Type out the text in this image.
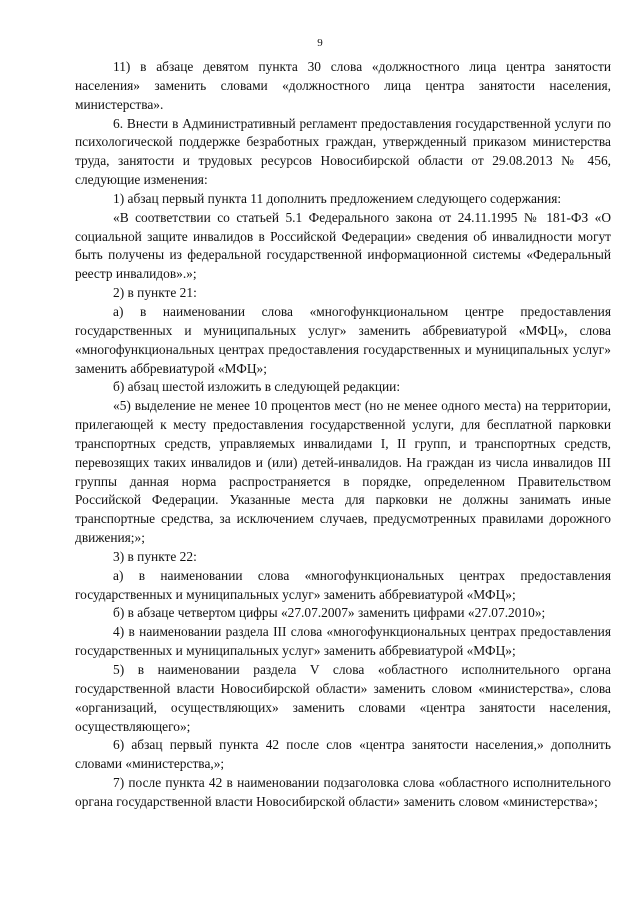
9

11) в абзаце девятом пункта 30 слова «должностного лица центра занятости населения» заменить словами «должностного лица центра занятости населения, министерства».

6. Внести в Административный регламент предоставления государственной услуги по психологической поддержке безработных граждан, утвержденный приказом министерства труда, занятости и трудовых ресурсов Новосибирской области от 29.08.2013 № 456, следующие изменения:

1) абзац первый пункта 11 дополнить предложением следующего содержания:

«В соответствии со статьей 5.1 Федерального закона от 24.11.1995 № 181-ФЗ «О социальной защите инвалидов в Российской Федерации» сведения об инвалидности могут быть получены из федеральной государственной информационной системы «Федеральный реестр инвалидов».»;

2) в пункте 21:

а) в наименовании слова «многофункциональном центре предоставления государственных и муниципальных услуг» заменить аббревиатурой «МФЦ», слова «многофункциональных центрах предоставления государственных и муниципальных услуг» заменить аббревиатурой «МФЦ»;

б) абзац шестой изложить в следующей редакции:

«5) выделение не менее 10 процентов мест (но не менее одного места) на территории, прилегающей к месту предоставления государственной услуги, для бесплатной парковки транспортных средств, управляемых инвалидами I, II групп, и транспортных средств, перевозящих таких инвалидов и (или) детей-инвалидов. На граждан из числа инвалидов III группы данная норма распространяется в порядке, определенном Правительством Российской Федерации. Указанные места для парковки не должны занимать иные транспортные средства, за исключением случаев, предусмотренных правилами дорожного движения;»;

3) в пункте 22:

а) в наименовании слова «многофункциональных центрах предоставления государственных и муниципальных услуг» заменить аббревиатурой «МФЦ»;

б) в абзаце четвертом цифры «27.07.2007» заменить цифрами «27.07.2010»;

4) в наименовании раздела III слова «многофункциональных центрах предоставления государственных и муниципальных услуг» заменить аббревиатурой «МФЦ»;

5) в наименовании раздела V слова «областного исполнительного органа государственной власти Новосибирской области» заменить словом «министерства», слова «организаций, осуществляющих» заменить словами «центра занятости населения, осуществляющего»;

6) абзац первый пункта 42 после слов «центра занятости населения,» дополнить словами «министерства,»;

7) после пункта 42 в наименовании подзаголовка слова «областного исполнительного органа государственной власти Новосибирской области» заменить словом «министерства»;
